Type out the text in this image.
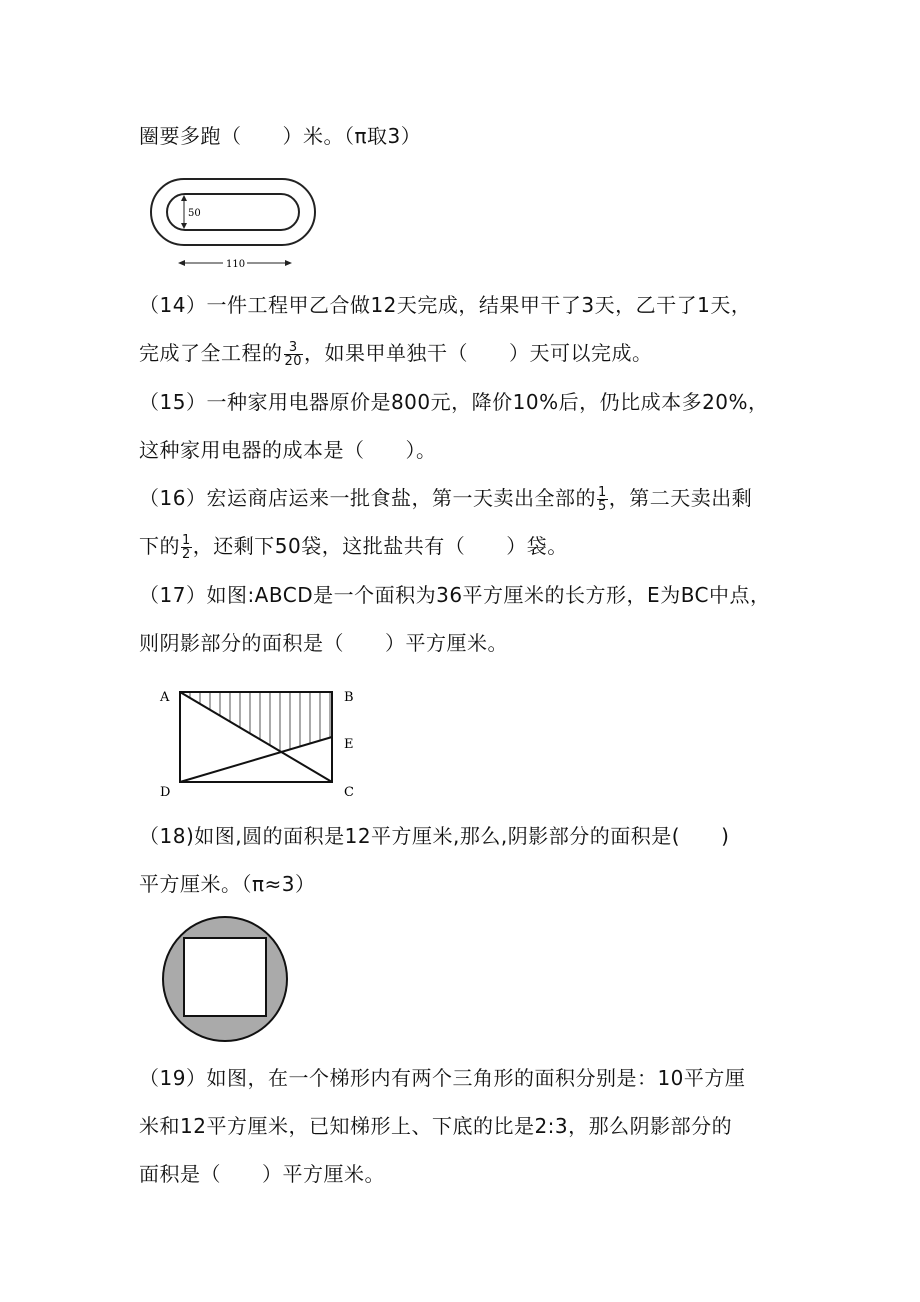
圈要多跑（　　）米。（π取3）
50
110
（14）一件工程甲乙合做12天完成，结果甲干了3天，乙干了1天，
完成了全工程的 $\frac{3}{20}$ ，如果甲单独干（　　）天可以完成。
（15）一种家用电器原价是800元，降价10%后，仍比成本多20%，
这种家用电器的成本是（　　）。
（16）宏运商店运来一批食盐，第一天卖出全部的 $\frac{1}{5}$ ，第二天卖出剩
下的 $\frac{1}{2}$ ，还剩下50袋，这批盐共有（　　）袋。
（17）如图:ABCD是一个面积为36平方厘米的长方形，E为BC中点，
则阴影部分的面积是（　　）平方厘米。
A	B
E
C
D
（18)如图,圆的面积是12平方厘米,那么,阴影部分的面积是(　　)
平方厘米。（π≈3）
（19）如图，在一个梯形内有两个三角形的面积分别是：10平方厘
米和12平方厘米，已知梯形上、下底的比是2:3，那么阴影部分的
面积是（　　）平方厘米。
